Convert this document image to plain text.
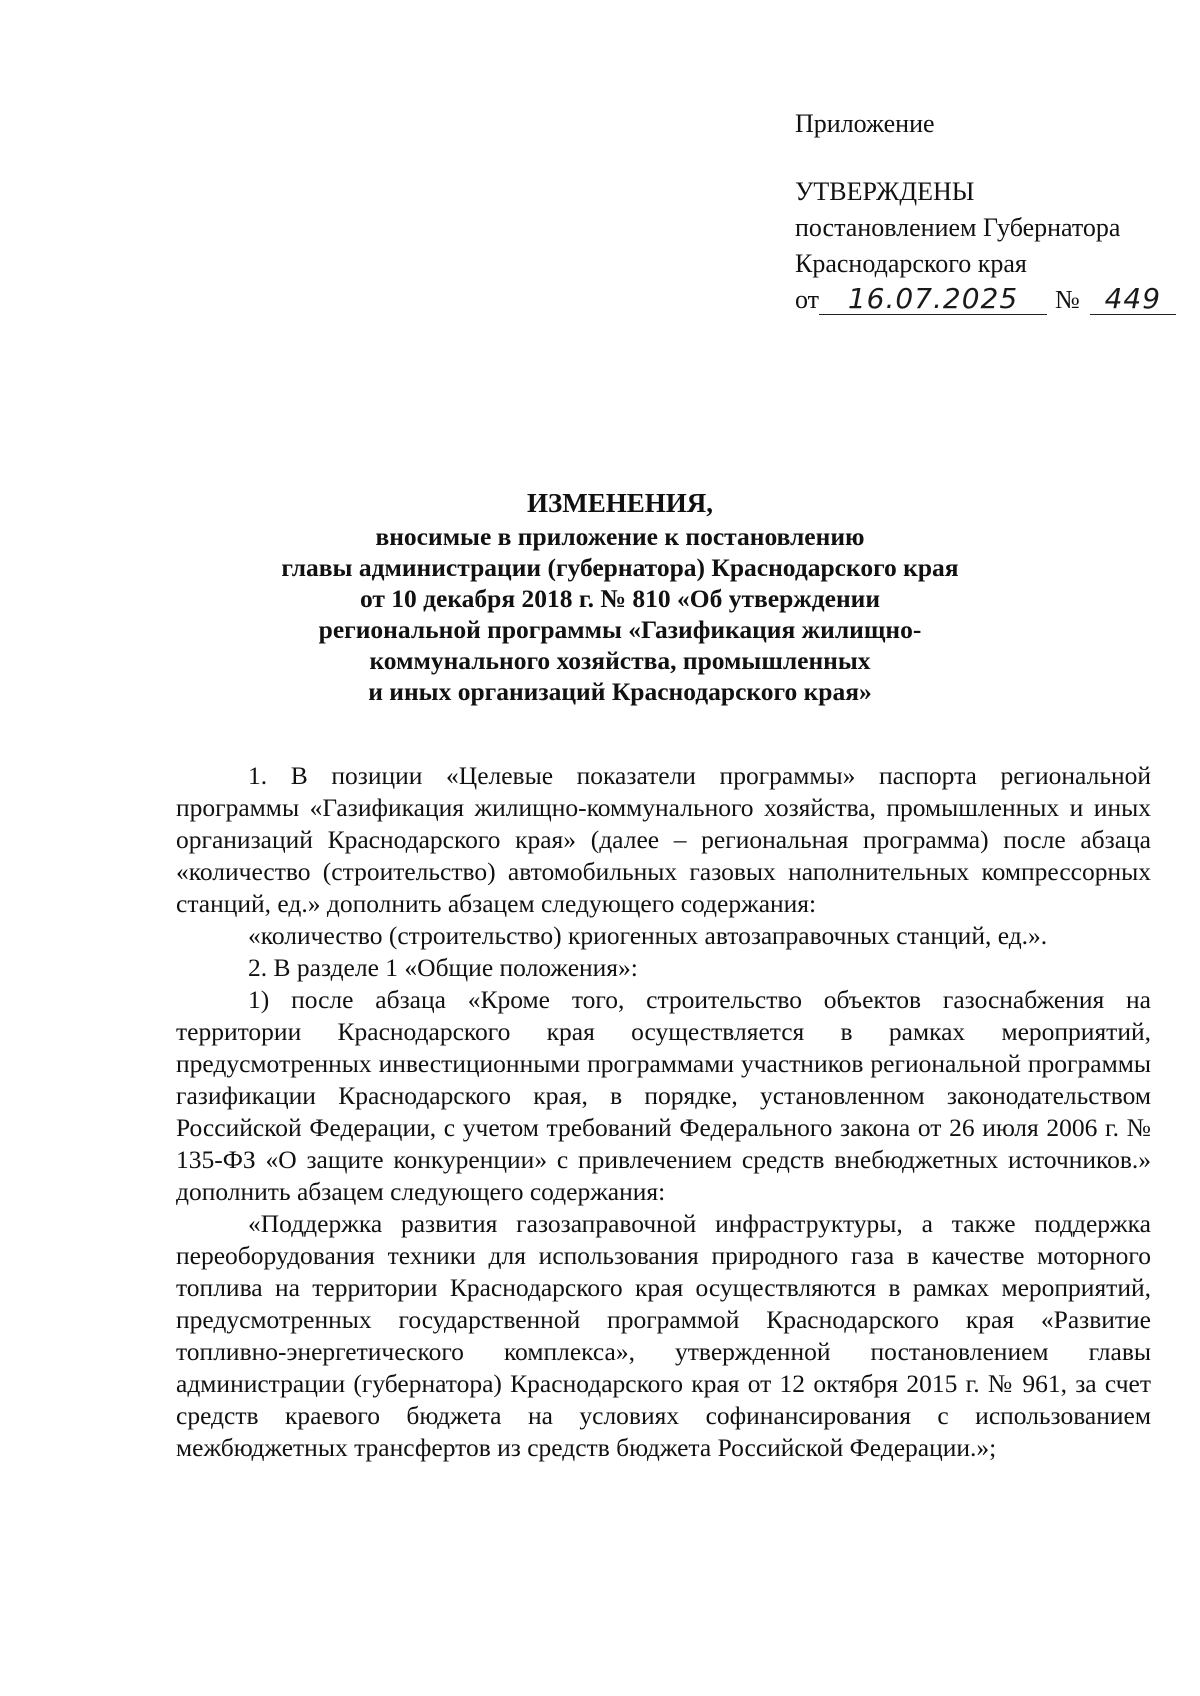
Приложение
УТВЕРЖДЕНЫ
постановлением Губернатора
Краснодарского края
от 16.07.2025 № 449
ИЗМЕНЕНИЯ,
вносимые в приложение к постановлению
главы администрации (губернатора) Краснодарского края
от 10 декабря 2018 г. № 810 «Об утверждении
региональной программы «Газификация жилищно-
коммунального хозяйства, промышленных
и иных организаций Краснодарского края»

1. В позиции «Целевые показатели программы» паспорта региональной программы «Газификация жилищно-коммунального хозяйства, промышленных и иных организаций Краснодарского края» (далее – региональная программа) после абзаца «количество (строительство) автомобильных газовых наполнительных компрессорных станций, ед.» дополнить абзацем следующего содержания:

«количество (строительство) криогенных автозаправочных станций, ед.».

2. В разделе 1 «Общие положения»:

1) после абзаца «Кроме того, строительство объектов газоснабжения на территории Краснодарского края осуществляется в рамках мероприятий, предусмотренных инвестиционными программами участников региональной программы газификации Краснодарского края, в порядке, установленном законодательством Российской Федерации, с учетом требований Федерального закона от 26 июля 2006 г. № 135-ФЗ «О защите конкуренции» с привлечением средств внебюджетных источников.» дополнить абзацем следующего содержания:

«Поддержка развития газозаправочной инфраструктуры, а также поддержка переоборудования техники для использования природного газа в качестве моторного топлива на территории Краснодарского края осуществляются в рамках мероприятий, предусмотренных государственной программой Краснодарского края «Развитие топливно-энергетического комплекса», утвержденной постановлением главы администрации (губернатора) Краснодарского края от 12 октября 2015 г. № 961, за счет средств краевого бюджета на условиях софинансирования с использованием межбюджетных трансфертов из средств бюджета Российской Федерации.»;
